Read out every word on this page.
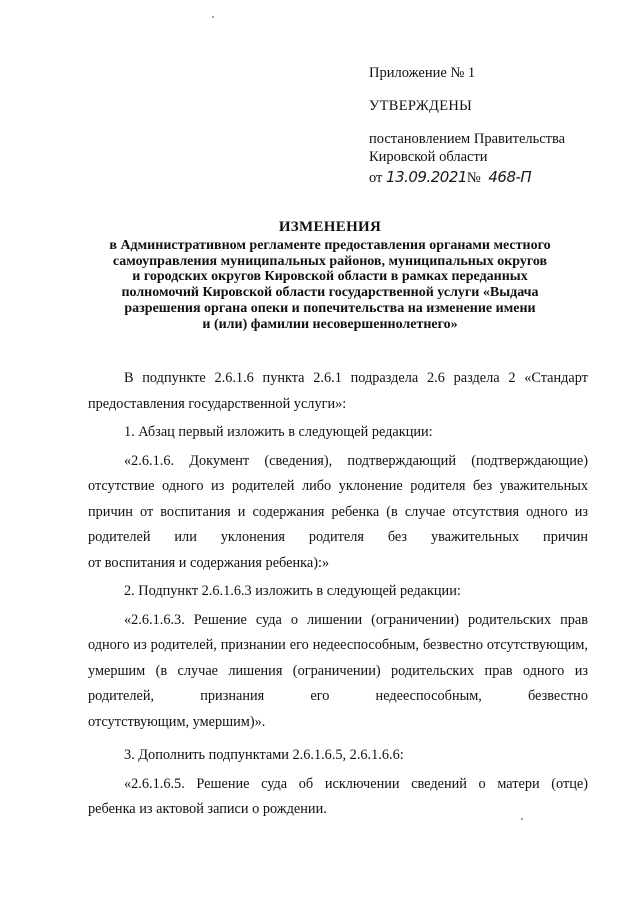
Приложение № 1
УТВЕРЖДЕНЫ
постановлением Правительства
Кировской области
от 13.09.2021№ 468-П
ИЗМЕНЕНИЯ
в Административном регламенте предоставления органами местного
самоуправления муниципальных районов, муниципальных округов
и городских округов Кировской области в рамках переданных
полномочий Кировской области государственной услуги «Выдача
разрешения органа опеки и попечительства на изменение имени
и (или) фамилии несовершеннолетнего»

В подпункте 2.6.1.6 пункта 2.6.1 подраздела 2.6 раздела 2 «Стандарт предоставления государственной услуги»:

1. Абзац первый изложить в следующей редакции:

«2.6.1.6. Документ (сведения), подтверждающий (подтверждающие) отсутствие одного из родителей либо уклонение родителя без уважительных причин от воспитания и содержания ребенка (в случае отсутствия одного из родителей или уклонения родителя без уважительных причин

от воспитания и содержания ребенка):»

2. Подпункт 2.6.1.6.3 изложить в следующей редакции:

«2.6.1.6.3. Решение суда о лишении (ограничении) родительских прав одного из родителей, признании его недееспособным, безвестно отсутствующим, умершим (в случае лишения (ограничении) родительских прав одного из родителей, признания его недееспособным, безвестно

отсутствующим, умершим)».

3. Дополнить подпунктами 2.6.1.6.5, 2.6.1.6.6:

«2.6.1.6.5. Решение суда об исключении сведений о матери (отце)

ребенка из актовой записи о рождении.
